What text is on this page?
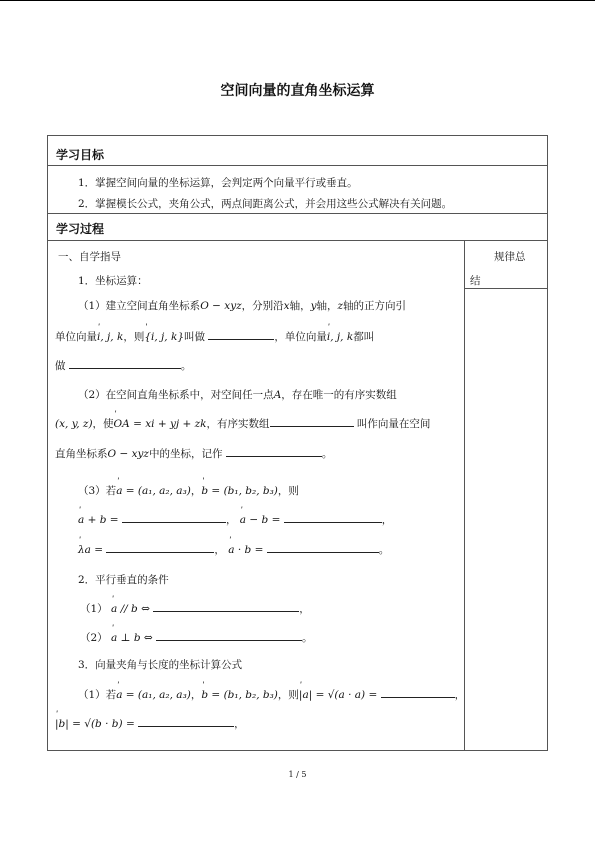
空间向量的直角坐标运算
学习目标
1．掌握空间向量的坐标运算，会判定两个向量平行或垂直。
2．掌握模长公式，夹角公式，两点间距离公式，并会用这些公式解决有关问题。
学习过程
规律总
结
一、自学指导
1．坐标运算：
（1）建立空间直角坐标系O − xyz，分别沿x轴，y轴，z轴的正方向引
单位向量ʹ i, j, k，则ʹ {i, j, k}叫做	，单位向量ʹ i, j, k都叫
做	。
（2）在空间直角坐标系中，对空间任一点A，存在唯一的有序实数组
(x, y, z)，使ʹ OA = xi + yj + zk，有序实数组	叫作向量在空间
直角坐标系O − xyz中的坐标，记作	。
（3）若ʹ a = (a₁, a₂, a₃)，ʹ b = (b₁, b₂, b₃)，则
ʹ a + b =	， ʹ a − b =	，
ʹ λa =	， ʹ a · b =	。
2．平行垂直的条件
（1） ʹ a // b ⇔	，
（2） ʹ a ⊥ b ⇔	。
3．向量夹角与长度的坐标计算公式
（1）若ʹ a = (a₁, a₂, a₃)，ʹ b = (b₁, b₂, b₃)，则ʹ |a| = √(a · a) =	，
ʹ |b| = √(b · b) =	，
1 / 5
